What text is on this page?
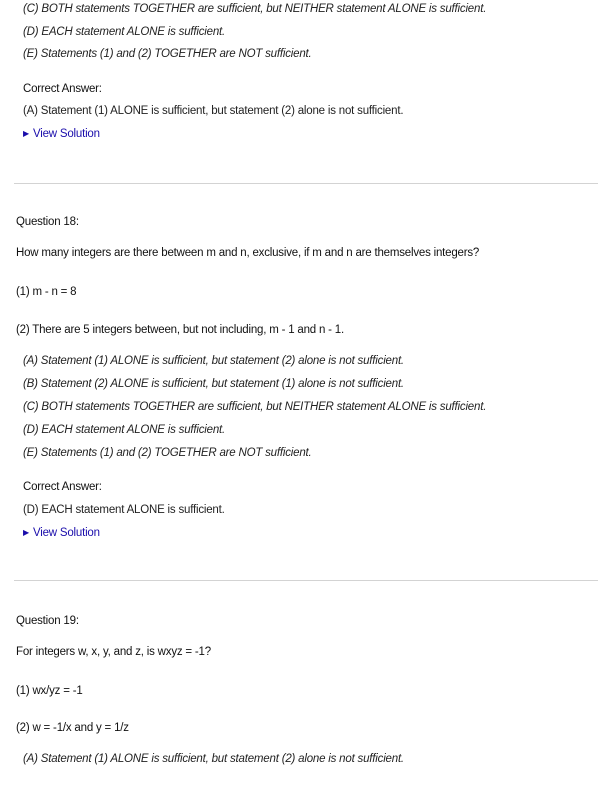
(C) BOTH statements TOGETHER are sufficient, but NEITHER statement ALONE is sufficient.
(D) EACH statement ALONE is sufficient.
(E) Statements (1) and (2) TOGETHER are NOT sufficient.
Correct Answer:
(A) Statement (1) ALONE is sufficient, but statement (2) alone is not sufficient.
▶ View Solution
Question 18:
How many integers are there between m and n, exclusive, if m and n are themselves integers?
(1) m - n = 8
(2) There are 5 integers between, but not including, m - 1 and n - 1.
(A) Statement (1) ALONE is sufficient, but statement (2) alone is not sufficient.
(B) Statement (2) ALONE is sufficient, but statement (1) alone is not sufficient.
(C) BOTH statements TOGETHER are sufficient, but NEITHER statement ALONE is sufficient.
(D) EACH statement ALONE is sufficient.
(E) Statements (1) and (2) TOGETHER are NOT sufficient.
Correct Answer:
(D) EACH statement ALONE is sufficient.
▶ View Solution
Question 19:
For integers w, x, y, and z, is wxyz = -1?
(1) wx/yz = -1
(2) w = -1/x and y = 1/z
(A) Statement (1) ALONE is sufficient, but statement (2) alone is not sufficient.
